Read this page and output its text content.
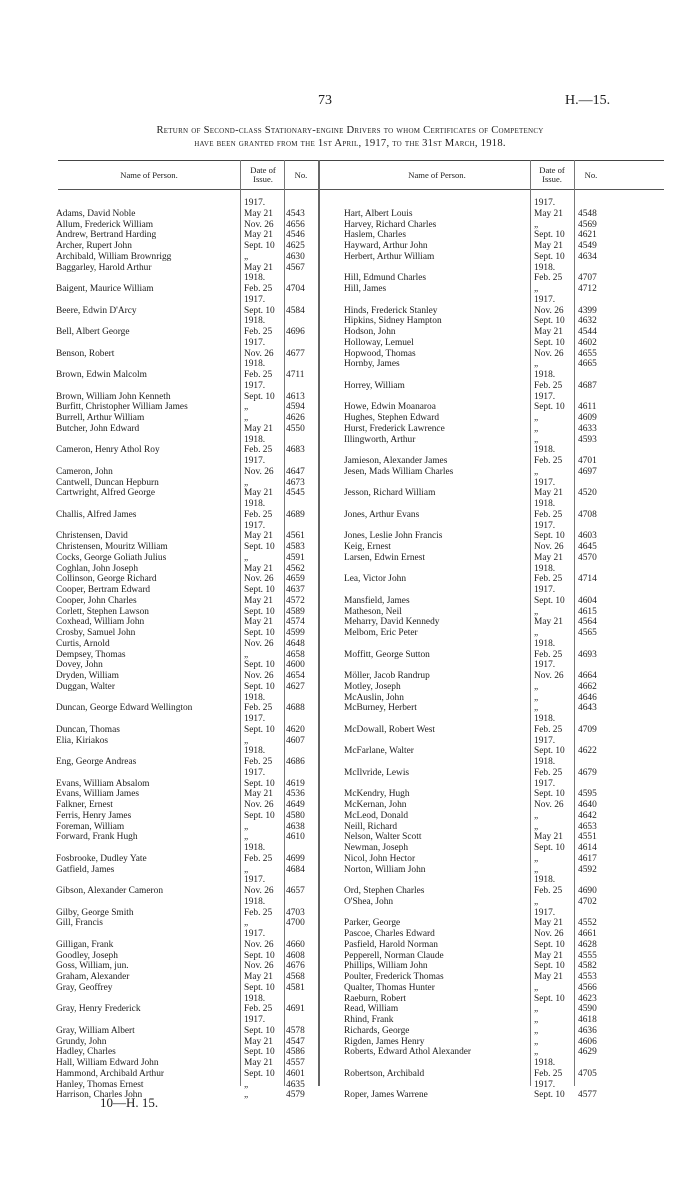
73	H.—15.
Return of Second-class Stationary-engine Drivers to whom Certificates of Competency
have been granted from the 1st April, 1917, to the 31st March, 1918.
Name of Person.	Date of Issue.	No.	Name of Person.	Date of Issue.	No.
1917.
Adams, David Noble	May 21	4543
Allum, Frederick William	Nov. 26	4656
Andrew, Bertrand Harding	May 21	4546
Archer, Rupert John	Sept. 10	4625
Archibald, William Brownrigg	„	4630
Baggarley, Harold Arthur	May 21	4567
1918.
Baigent, Maurice William	Feb. 25	4704
1917.
Beere, Edwin D'Arcy	Sept. 10	4584
1918.
Bell, Albert George	Feb. 25	4696
1917.
Benson, Robert	Nov. 26	4677
1918.
Brown, Edwin Malcolm	Feb. 25	4711
1917.
Brown, William John Kenneth	Sept. 10	4613
Burfitt, Christopher William James	„	4594
Burrell, Arthur William	„	4626
Butcher, John Edward	May 21	4550
1918.
Cameron, Henry Athol Roy	Feb. 25	4683
1917.
Cameron, John	Nov. 26	4647
Cantwell, Duncan Hepburn	„	4673
Cartwright, Alfred George	May 21	4545
1918.
Challis, Alfred James	Feb. 25	4689
1917.
Christensen, David	May 21	4561
Christensen, Mouritz William	Sept. 10	4583
Cocks, George Goliath Julius	„	4591
Coghlan, John Joseph	May 21	4562
Collinson, George Richard	Nov. 26	4659
Cooper, Bertram Edward	Sept. 10	4637
Cooper, John Charles	May 21	4572
Corlett, Stephen Lawson	Sept. 10	4589
Coxhead, William John	May 21	4574
Crosby, Samuel John	Sept. 10	4599
Curtis, Arnold	Nov. 26	4648
Dempsey, Thomas	„	4658
Dovey, John	Sept. 10	4600
Dryden, William	Nov. 26	4654
Duggan, Walter	Sept. 10	4627
1918.
Duncan, George Edward Wellington	Feb. 25	4688
1917.
Duncan, Thomas	Sept. 10	4620
Elia, Kiriakos	„	4607
1918.
Eng, George Andreas	Feb. 25	4686
1917.
Evans, William Absalom	Sept. 10	4619
Evans, William James	May 21	4536
Falkner, Ernest	Nov. 26	4649
Ferris, Henry James	Sept. 10	4580
Foreman, William	„	4638
Forward, Frank Hugh	„	4610
1918.
Fosbrooke, Dudley Yate	Feb. 25	4699
Gatfield, James	„	4684
1917.
Gibson, Alexander Cameron	Nov. 26	4657
1918.
Gilby, George Smith	Feb. 25	4703
Gill, Francis	„	4700
1917.
Gilligan, Frank	Nov. 26	4660
Goodley, Joseph	Sept. 10	4608
Goss, William, jun.	Nov. 26	4676
Graham, Alexander	May 21	4568
Gray, Geoffrey	Sept. 10	4581
1918.
Gray, Henry Frederick	Feb. 25	4691
1917.
Gray, William Albert	Sept. 10	4578
Grundy, John	May 21	4547
Hadley, Charles	Sept. 10	4586
Hall, William Edward John	May 21	4557
Hammond, Archibald Arthur	Sept. 10	4601
Hanley, Thomas Ernest	„	4635
Harrison, Charles John	„	4579
1917.
Hart, Albert Louis	May 21	4548
Harvey, Richard Charles	„	4569
Haslem, Charles	Sept. 10	4621
Hayward, Arthur John	May 21	4549
Herbert, Arthur William	Sept. 10	4634
1918.
Hill, Edmund Charles	Feb. 25	4707
Hill, James	„	4712
1917.
Hinds, Frederick Stanley	Nov. 26	4399
Hipkins, Sidney Hampton	Sept. 10	4632
Hodson, John	May 21	4544
Holloway, Lemuel	Sept. 10	4602
Hopwood, Thomas	Nov. 26	4655
Hornby, James	„	4665
1918.
Horrey, William	Feb. 25	4687
1917.
Howe, Edwin Moanaroa	Sept. 10	4611
Hughes, Stephen Edward	„	4609
Hurst, Frederick Lawrence	„	4633
Illingworth, Arthur	„	4593
1918.
Jamieson, Alexander James	Feb. 25	4701
Jesen, Mads William Charles	„	4697
1917.
Jesson, Richard William	May 21	4520
1918.
Jones, Arthur Evans	Feb. 25	4708
1917.
Jones, Leslie John Francis	Sept. 10	4603
Keig, Ernest	Nov. 26	4645
Larsen, Edwin Ernest	May 21	4570
1918.
Lea, Victor John	Feb. 25	4714
1917.
Mansfield, James	Sept. 10	4604
Matheson, Neil	„	4615
Meharry, David Kennedy	May 21	4564
Melbom, Eric Peter	„	4565
1918.
Moffitt, George Sutton	Feb. 25	4693
1917.
Möller, Jacob Randrup	Nov. 26	4664
Motley, Joseph	„	4662
McAuslin, John	„	4646
McBurney, Herbert	„	4643
1918.
McDowall, Robert West	Feb. 25	4709
1917.
McFarlane, Walter	Sept. 10	4622
1918.
McIlvride, Lewis	Feb. 25	4679
1917.
McKendry, Hugh	Sept. 10	4595
McKernan, John	Nov. 26	4640
McLeod, Donald	„	4642
Neill, Richard	„	4653
Nelson, Walter Scott	May 21	4551
Newman, Joseph	Sept. 10	4614
Nicol, John Hector	„	4617
Norton, William John	„	4592
1918.
Ord, Stephen Charles	Feb. 25	4690
O'Shea, John	„	4702
1917.
Parker, George	May 21	4552
Pascoe, Charles Edward	Nov. 26	4661
Pasfield, Harold Norman	Sept. 10	4628
Pepperell, Norman Claude	May 21	4555
Phillips, William John	Sept. 10	4582
Poulter, Frederick Thomas	May 21	4553
Qualter, Thomas Hunter	„	4566
Raeburn, Robert	Sept. 10	4623
Read, William	„	4590
Rhind, Frank	„	4618
Richards, George	„	4636
Rigden, James Henry	„	4606
Roberts, Edward Athol Alexander	„	4629
1918.
Robertson, Archibald	Feb. 25	4705
1917.
Roper, James Warrene	Sept. 10	4577
10—H. 15.
